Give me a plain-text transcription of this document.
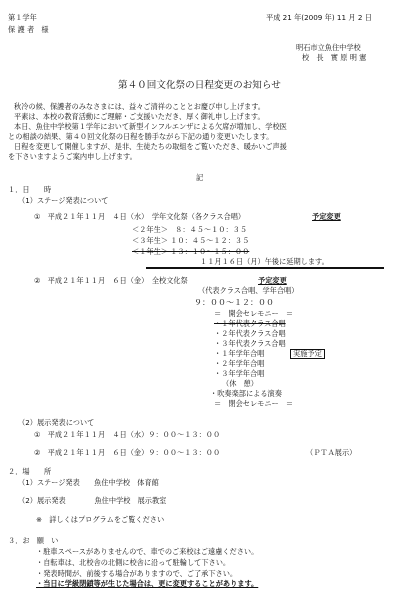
第１学年
保 護 者　様
平成 21 年(2009 年) 11 月 2 日
明石市立魚住中学校
校　長　實 原 明 憲
第４０回文化祭の日程変更のお知らせ
秋冷の候、保護者のみなさまには、益々ご清祥のこととお慶び申し上げます。
平素は、本校の教育活動にご理解・ご支援いただき、厚く御礼申し上げます。
本日、魚住中学校第１学年において新型インフルエンザによる欠席が増加し、学校医
との相談の結果、第４０回文化祭の日程を勝手ながら下記の通り変更いたします。
日程を変更して開催しますが、是非、生徒たちの取組をご覧いただき、暖かいご声援
を下さいますようご案内申し上げます。
記
１．日　　時
（1）ステージ発表について
①　平成２１年１１月　４日（水）　学年文化祭（各クラス合唱）	予定変更
＜２年生＞　８：４５～１０：３５
＜３年生＞ １０：４５～１２：３５
＜１年生＞ １３：１０～１５：００
１１月１６日（月）午後に延期します。
②　平成２１年１１月　６日（金）　全校文化祭	予定変更
（代表クラス合唱、学年合唱）
９：００～１２：００
＝　開会セレモニー　＝
・１年代表クラス合唱
・２年代表クラス合唱
・３年代表クラス合唱
・１年学年合唱	実施予定
・２年学年合唱
・３年学年合唱
（休　憩）
・吹奏楽部による演奏
＝　閉会セレモニー　＝
（2）展示発表について
①　平成２１年１１月　４日（水）９：００～１３：００
②　平成２１年１１月　６日（金）９：００～１３：００	（ＰＴＡ展示）
２．場　　所
（1）ステージ発表　　魚住中学校　体育館
（2）展示発表　　　　魚住中学校　展示教室
※　詳しくはプログラムをご覧ください
３．お　願　い
・駐車スペースがありませんので、車でのご来校はご遠慮ください。
・自転車は、北校舎の北側に校舎に沿って駐輪して下さい。
・発表時間が、前後する場合がありますので、ご了承下さい。
・当日に学級閉鎖等が生じた場合は、更に変更することがあります。
